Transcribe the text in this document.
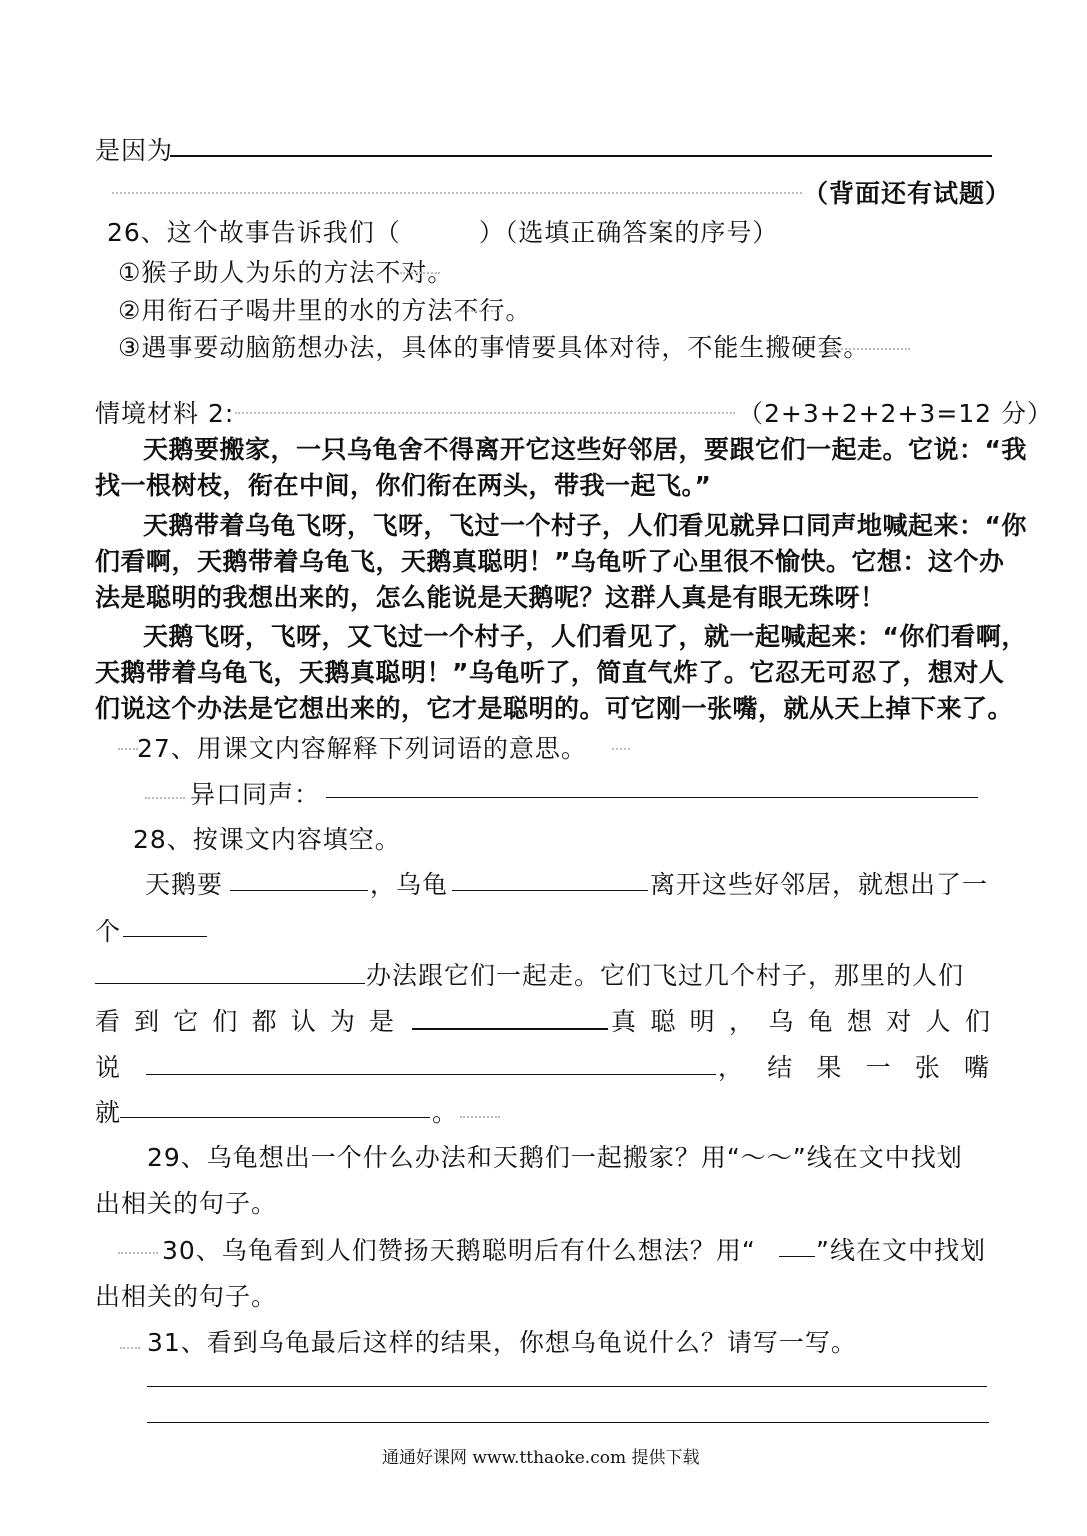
是因为
（背面还有试题）
26、这个故事告诉我们（　　　）（选填正确答案的序号）
①猴子助人为乐的方法不对。
②用衔石子喝井里的水的方法不行。
③遇事要动脑筋想办法，具体的事情要具体对待，不能生搬硬套。
情境材料 2:	（2+3+2+2+3=12 分）
天鹅要搬家，一只乌龟舍不得离开它这些好邻居，要跟它们一起走。它说：“我
找一根树枝，衔在中间，你们衔在两头，带我一起飞。”
天鹅带着乌龟飞呀，飞呀，飞过一个村子，人们看见就异口同声地喊起来：“你
们看啊，天鹅带着乌龟飞，天鹅真聪明！”乌龟听了心里很不愉快。它想：这个办
法是聪明的我想出来的，怎么能说是天鹅呢？这群人真是有眼无珠呀！
天鹅飞呀，飞呀，又飞过一个村子，人们看见了，就一起喊起来：“你们看啊，
天鹅带着乌龟飞，天鹅真聪明！”乌龟听了，简直气炸了。它忍无可忍了，想对人
们说这个办法是它想出来的，它才是聪明的。可它刚一张嘴，就从天上掉下来了。
27、用课文内容解释下列词语的意思。
异口同声：
28、按课文内容填空。
天鹅要	，乌龟	离开这些好邻居，就想出了一
个
办法跟它们一起走。它们飞过几个村子，那里的人们
看 到 它 们 都 认 为 是	真 聪 明 ， 乌 龟 想 对 人 们
说	， 结 果 一 张 嘴
就	。
29、乌龟想出一个什么办法和天鹅们一起搬家？用“～～”线在文中找划
出相关的句子。
30、乌龟看到人们赞扬天鹅聪明后有什么想法？用“ ”线在文中找划
出相关的句子。
31、看到乌龟最后这样的结果，你想乌龟说什么？请写一写。
通通好课网 www.tthaoke.com 提供下载
